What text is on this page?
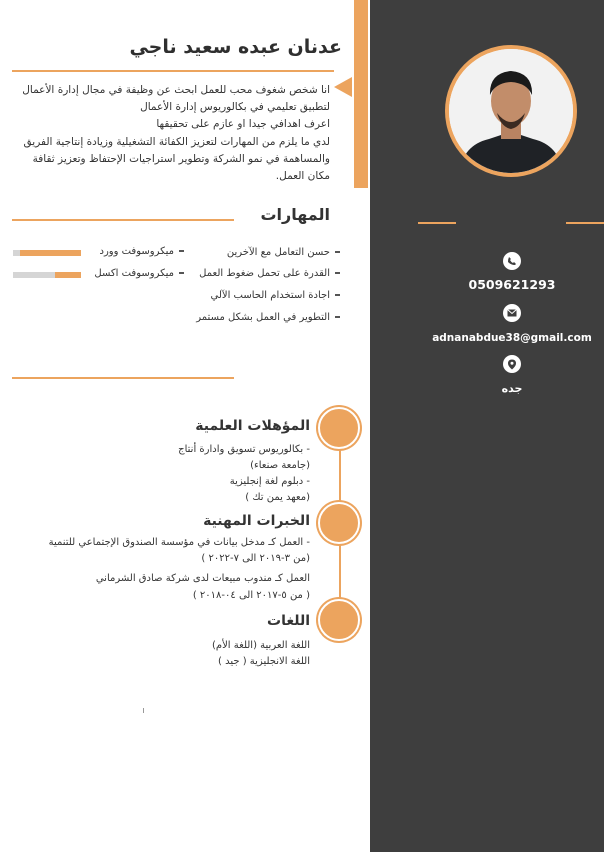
0509621293
adnanabdue38@gmail.com
جده
عدنان عبده سعيد ناجي

انا شخص شغوف محب للعمل ابحث عن وظيفة في مجال إدارة الأعمال

لتطبيق تعليمي في بكالوريوس إدارة الأعمال

اعرف اهدافي جيدا او عازم على تحقيقها

لدي ما يلزم من المهارات لتعزيز الكفائة التشغيلية وزيادة إنتاجية الفريق

والمساهمة في نمو الشركة وتطوير استراجيات الإحتفاظ وتعزيز ثقافة

مكان العمل.

المهارات
حسن التعامل مع الآخرين
القدرة على تحمل ضغوط العمل
اجادة استخدام الحاسب الآلي
التطوير في العمل بشكل مستمر
ميكروسوفت وورد
ميكروسوفت اكسل
المؤهلات العلمية
- بكالوريوس تسويق وادارة أنتاج
(جامعة صنعاء)
- دبلوم لغة إنجليزية
(معهد يمن تك )
الخبرات المهنية
- العمل كـ مدخل بيانات في مؤسسة الصندوق الإجتماعي للتنمية
(من ٣-٢٠١٩ الى ٧-٢٠٢٢ )
العمل كـ مندوب مبيعات لدى شركة صادق الشرماني
( من ٥-٢٠١٧ الى ٠٤-٢٠١٨ )
اللغات
اللغة العربية (اللغة الأم)
اللغة الانجليزية ( جيد )
